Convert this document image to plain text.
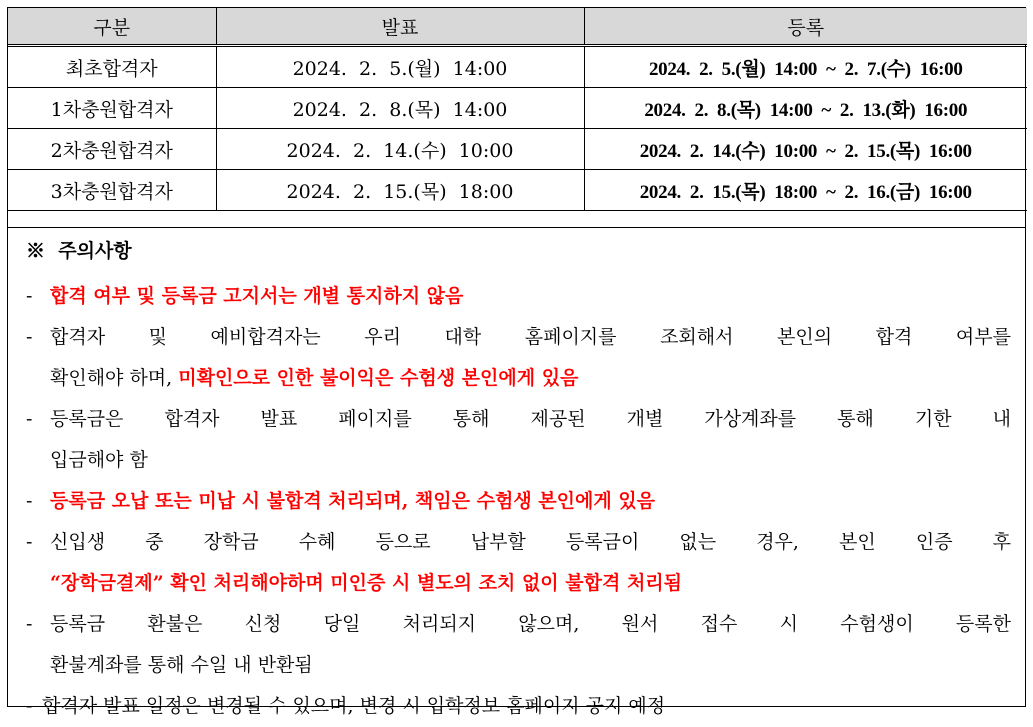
구분	발표	등록
최초합격자	2024.  2.  5.(월)  14:00	2024.  2.  5.(월)  14:00  ~  2.  7.(수)  16:00
1차충원합격자	2024.  2.  8.(목)  14:00	2024.  2.  8.(목)  14:00  ~  2.  13.(화)  16:00
2차충원합격자	2024.  2.  14.(수)  10:00	2024.  2.  14.(수)  10:00  ~  2.  15.(목)  16:00
3차충원합격자	2024.  2.  15.(목)  18:00	2024.  2.  15.(목)  18:00  ~  2.  16.(금)  16:00
※  주의사항
- 합격 여부 및 등록금 고지서는 개별 통지하지 않음
- 합격자 및 예비합격자는 우리 대학 홈페이지를 조회해서 본인의 합격 여부를
확인해야 하며, 미확인으로 인한 불이익은 수험생 본인에게 있음
- 등록금은 합격자 발표 페이지를 통해 제공된 개별 가상계좌를 통해 기한 내
입금해야 함
- 등록금 오납 또는 미납 시 불합격 처리되며, 책임은 수험생 본인에게 있음
- 신입생 중 장학금 수혜 등으로 납부할 등록금이 없는 경우, 본인 인증 후
“장학금결제” 확인 처리해야하며 미인증 시 별도의 조치 없이 불합격 처리됨
- 등록금 환불은 신청 당일 처리되지 않으며, 원서 접수 시 수험생이 등록한
환불계좌를 통해 수일 내 반환됨
- 합격자 발표 일정은 변경될 수 있으며, 변경 시 입학정보 홈페이지 공지 예정
